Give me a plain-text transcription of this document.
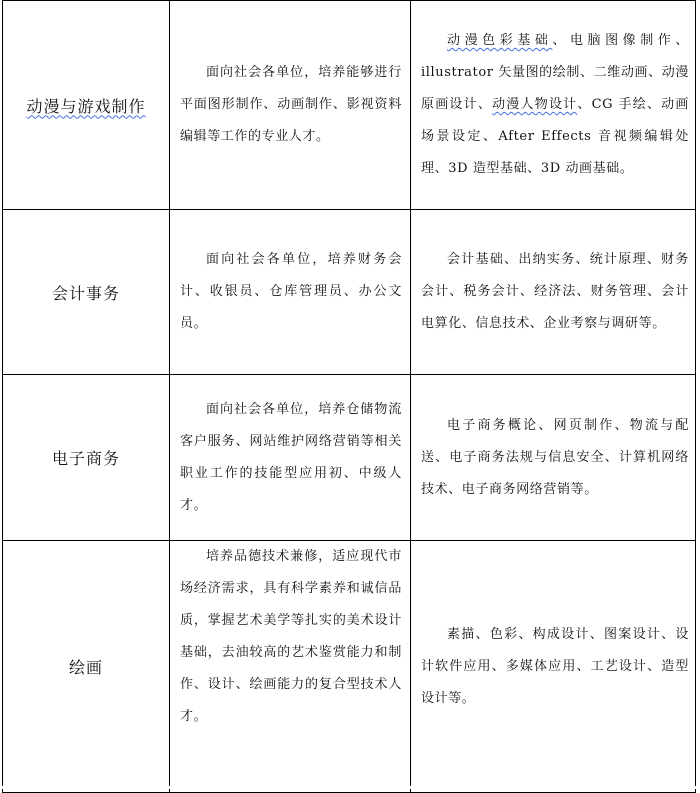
动漫与游戏制作	面向社会各单位，培养能够进行平面图形制作、动画制作、影视资料编辑等工作的专业人才。	动漫色彩基础、电脑图像制作、illustrator 矢量图的绘制、二维动画、动漫原画设计、动漫人物设计、CG 手绘、动画场景设定、After Effects 音视频编辑处理、3D 造型基础、3D 动画基础。

会计事务	面向社会各单位，培养财务会计、收银员、仓库管理员、办公文员。	会计基础、出纳实务、统计原理、财务会计、税务会计、经济法、财务管理、会计电算化、信息技术、企业考察与调研等。

电子商务	面向社会各单位，培养仓储物流客户服务、网站维护网络营销等相关职业工作的技能型应用初、中级人才。	电子商务概论、网页制作、物流与配送、电子商务法规与信息安全、计算机网络技术、电子商务网络营销等。

绘画	培养品德技术兼修，适应现代市场经济需求，具有科学素养和诚信品质，掌握艺术美学等扎实的美术设计基础，去油较高的艺术鉴赏能力和制作、设计、绘画能力的复合型技术人才。	素描、色彩、构成设计、图案设计、设计软件应用、多媒体应用、工艺设计、造型设计等。
